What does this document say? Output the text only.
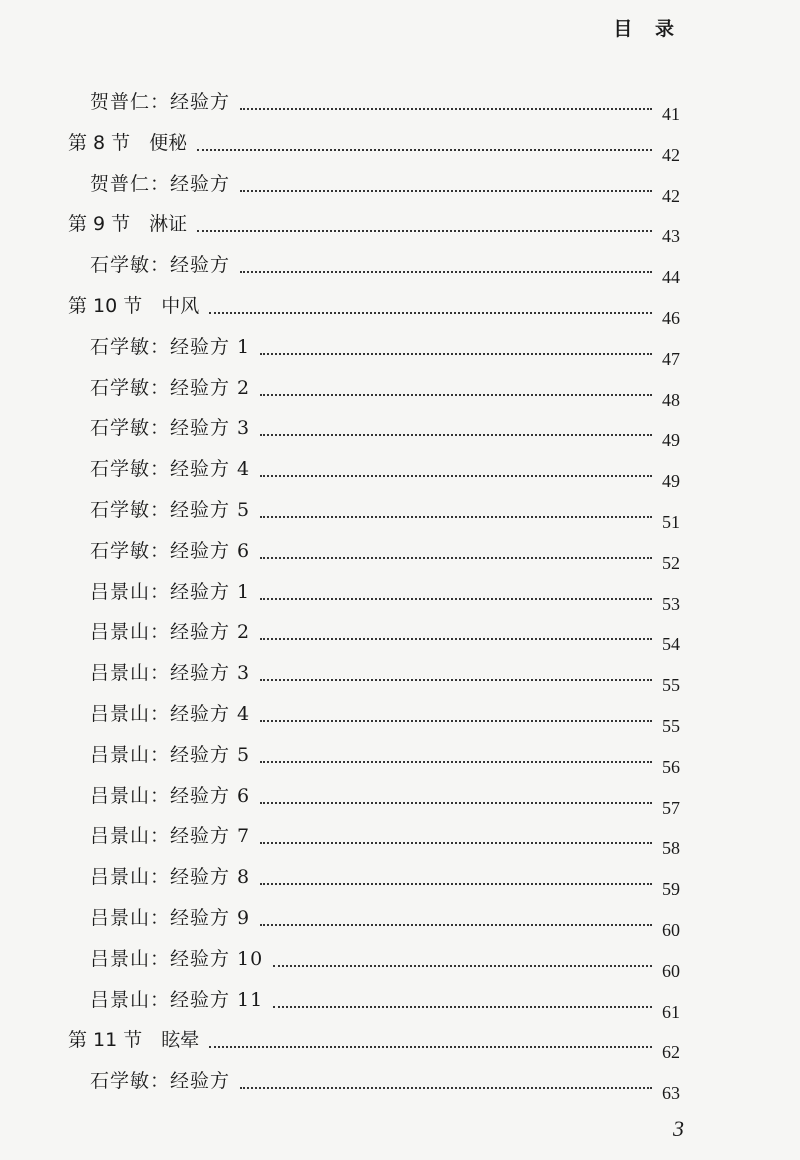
目 录
贺普仁：经验方
41
第 8 节　便秘
42
贺普仁：经验方
42
第 9 节　淋证
43
石学敏：经验方
44
第 10 节　中风
46
石学敏：经验方 1
47
石学敏：经验方 2
48
石学敏：经验方 3
49
石学敏：经验方 4
49
石学敏：经验方 5
51
石学敏：经验方 6
52
吕景山：经验方 1
53
吕景山：经验方 2
54
吕景山：经验方 3
55
吕景山：经验方 4
55
吕景山：经验方 5
56
吕景山：经验方 6
57
吕景山：经验方 7
58
吕景山：经验方 8
59
吕景山：经验方 9
60
吕景山：经验方 10
60
吕景山：经验方 11
61
第 11 节　眩晕
62
石学敏：经验方
63
3
